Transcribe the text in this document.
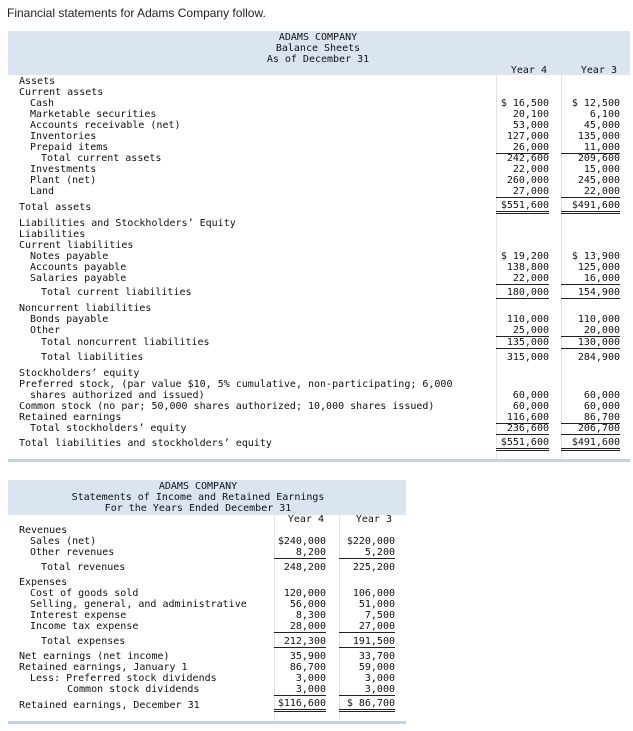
Financial statements for Adams Company follow.
ADAMS COMPANY
Balance Sheets
As of December 31
Year 4	Year 3
Assets
Current assets
Cash
Marketable securities
Accounts receivable (net)
Inventories
Prepaid items
Total current assets
Investments
Plant (net)
Land
Total assets
Liabilities and Stockholders’ Equity
Liabilities
Current liabilities
Notes payable
Accounts payable
Salaries payable
Total current liabilities
Noncurrent liabilities
Bonds payable
Other
Total noncurrent liabilities
Total liabilities
Stockholders’ equity
Preferred stock, (par value $10, 5% cumulative, non-participating; 6,000
shares authorized and issued)
Common stock (no par; 50,000 shares authorized; 10,000 shares issued)
Retained earnings
Total stockholders’ equity
Total liabilities and stockholders’ equity
$ 16,500
20,100
53,000
127,000
26,000
242,600
22,000
260,000
27,000
$551,600
$ 19,200
138,800
22,000
180,000
110,000
25,000
135,000
315,000
60,000
60,000
116,600
236,600
$551,600
$ 12,500
6,100
45,000
135,000
11,000
209,600
15,000
245,000
22,000
$491,600
$ 13,900
125,000
16,000
154,900
110,000
20,000
130,000
284,900
60,000
60,000
86,700
206,700
$491,600
ADAMS COMPANY
Statements of Income and Retained Earnings
For the Years Ended December 31
Year 4	Year 3
Revenues
Sales (net)
Other revenues
Total revenues
Expenses
Cost of goods sold
Selling, general, and administrative
Interest expense
Income tax expense
Total expenses
Net earnings (net income)
Retained earnings, January 1
Less: Preferred stock dividends
Common stock dividends
Retained earnings, December 31
$240,000
8,200
248,200
120,000
56,000
8,300
28,000
212,300
35,900
86,700
3,000
3,000
$116,600
$220,000
5,200
225,200
106,000
51,000
7,500
27,000
191,500
33,700
59,000
3,000
3,000
$ 86,700
